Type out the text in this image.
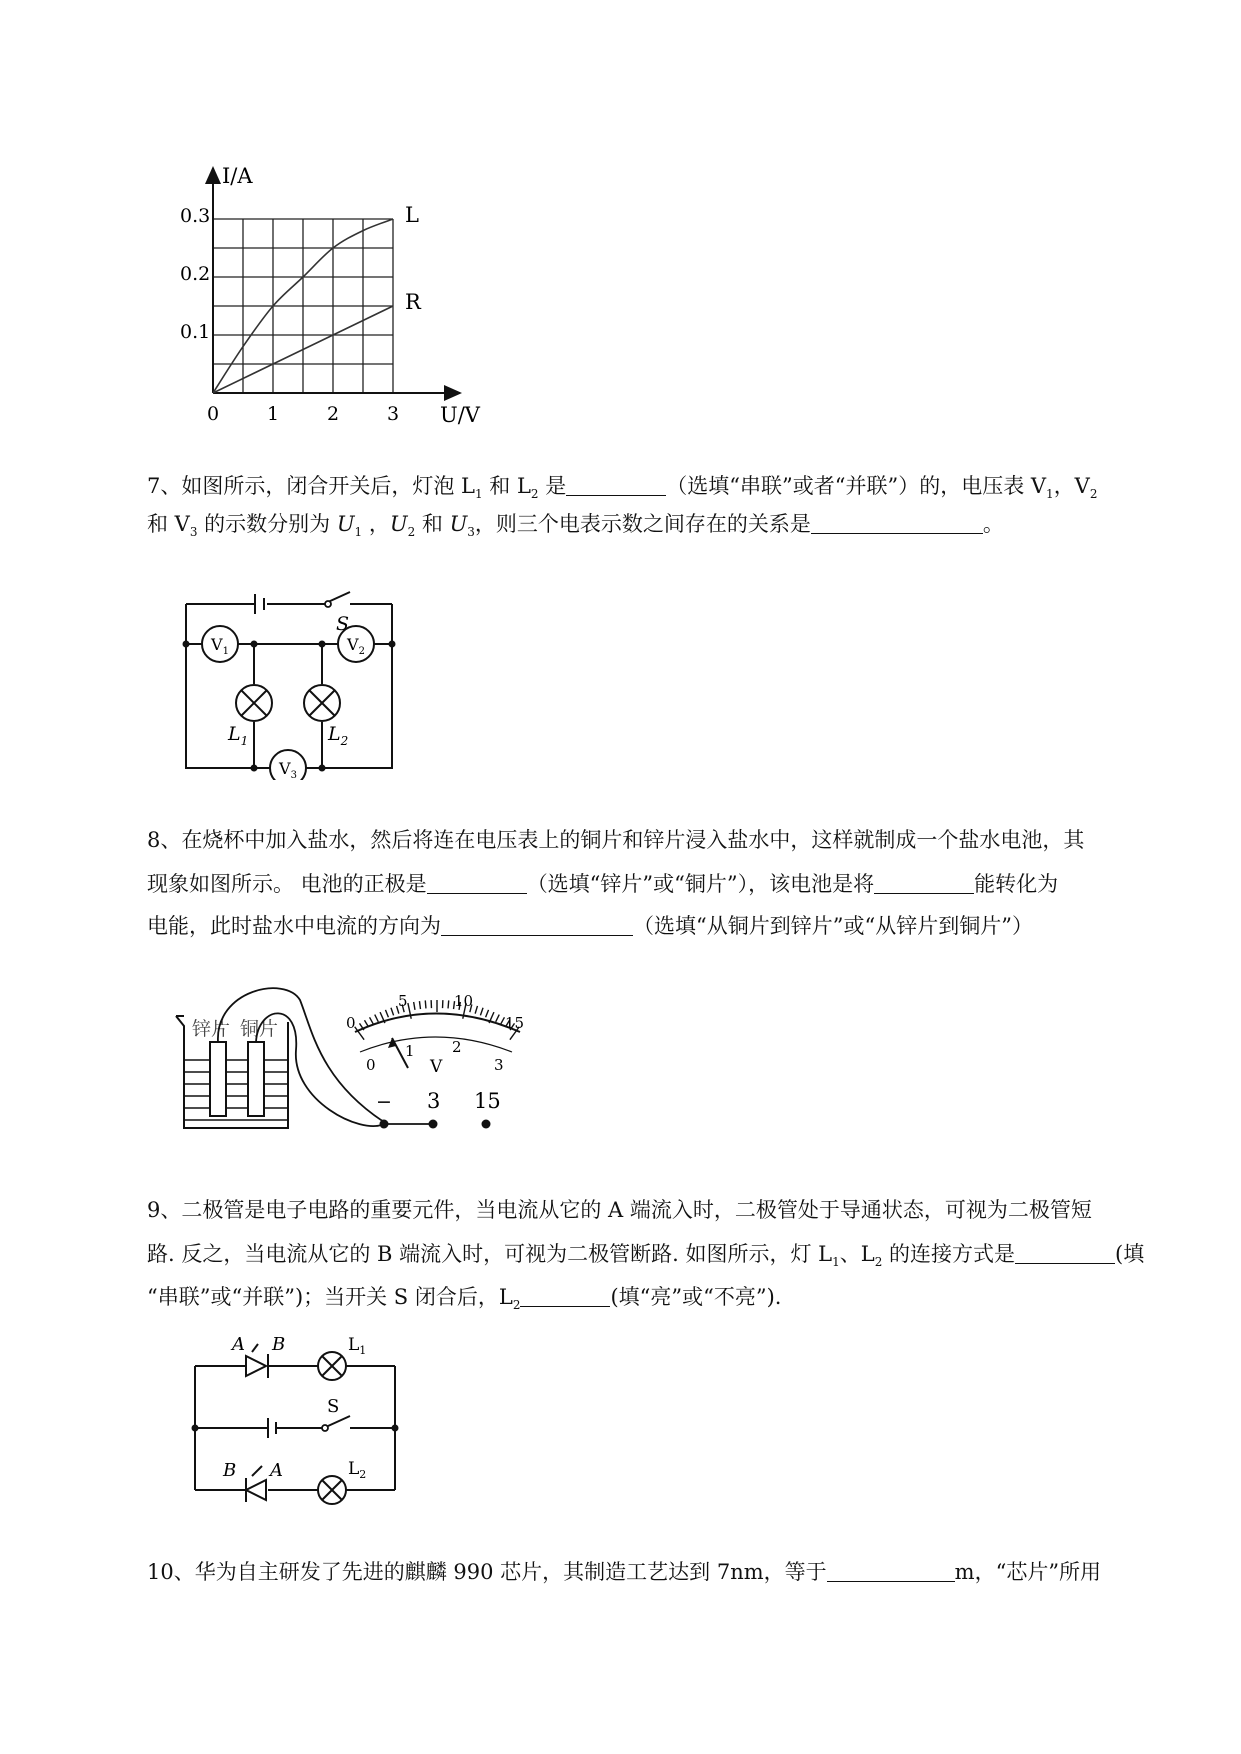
I/A
U/V
0.3
0.2
0.1
0	1	2	3
L
R
7、如图所示，闭合开关后，灯泡 $L_1$ 和 $L_2$ 是	（选填“串联”或者“并联”）的，电压表 $V_1$，$V_2$
和 $V_3$ 的示数分别为 $U_1$ ，$U_2$ 和 $U_3$，则三个电表示数之间存在的关系是	。
S
$V_1$	$V_2$
$V_3$
$L_1$	$L_2$
8、在烧杯中加入盐水，然后将连在电压表上的铜片和锌片浸入盐水中，这样就制成一个盐水电池，其
现象如图所示。 电池的正极是	（选填“锌片”或“铜片”），该电池是将	能转化为
电能，此时盐水中电流的方向为	（选填“从铜片到锌片”或“从锌片到铜片”）
锌片 铜片	0
5	10
15
0
1 2
3
V
− 3 15
9、二极管是电子电路的重要元件，当电流从它的 A 端流入时，二极管处于导通状态，可视为二极管短
路. 反之，当电流从它的 B 端流入时，可视为二极管断路. 如图所示，灯 $L_1$、$L_2$ 的连接方式是	(填
“串联”或“并联”)；当开关 S 闭合后，$L_2$	(填“亮”或“不亮”).
A B	$L_1$
S
B A	$L_2$
10、华为自主研发了先进的麒麟 990 芯片，其制造工艺达到 7nm，等于	m，“芯片”所用
